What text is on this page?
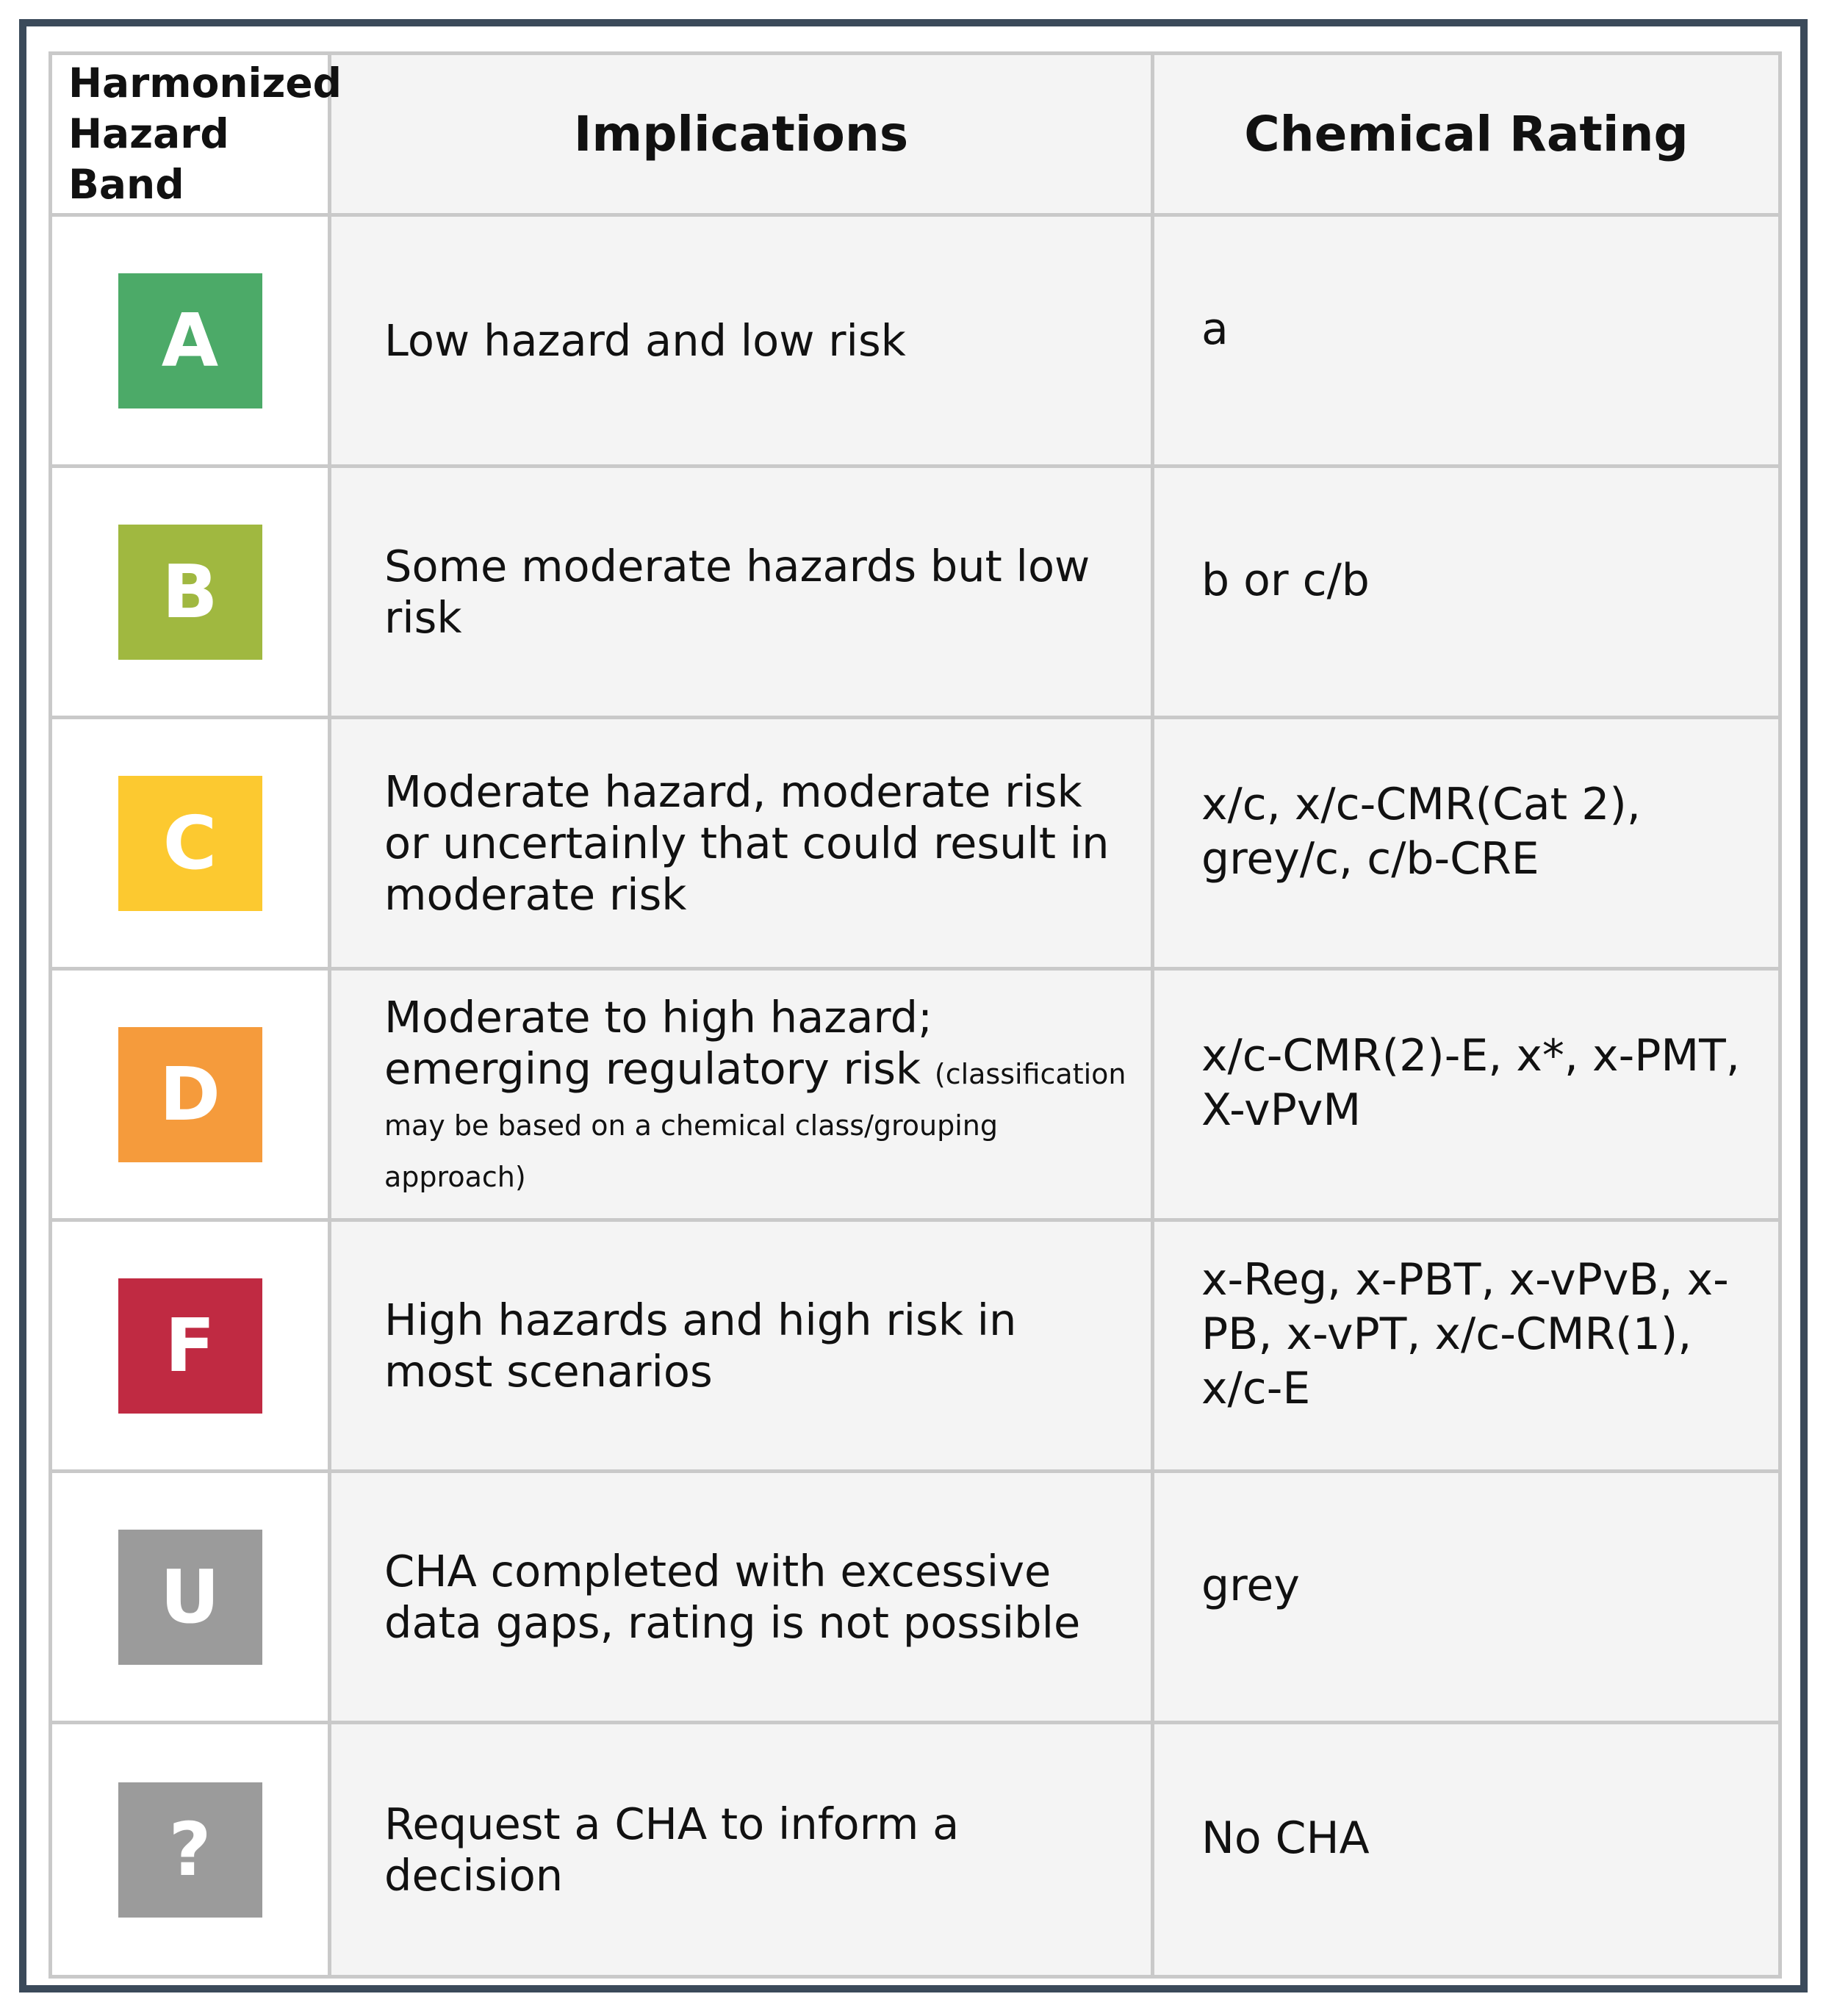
Harmonized Hazard Band	Implications	Chemical Rating
A	Low hazard and low risk	a

B	Some moderate hazards but low risk	b or c/b

C	Moderate hazard, moderate risk or uncertainly that could result in moderate risk	x/c, x/c-CMR(Cat 2), grey/c, c/b-CRE

D	Moderate to high hazard; emerging regulatory risk (classification may be based on a chemical class/grouping approach)	x/c-CMR(2)-E, x*, x-PMT, X-vPvM

F	High hazards and high risk in most scenarios	x-Reg, x-PBT, x-vPvB, x-PB, x-vPT, x/c-CMR(1), x/c-E

U	CHA completed with excessive data gaps, rating is not possible	grey

?	Request a CHA to inform a decision	No CHA
